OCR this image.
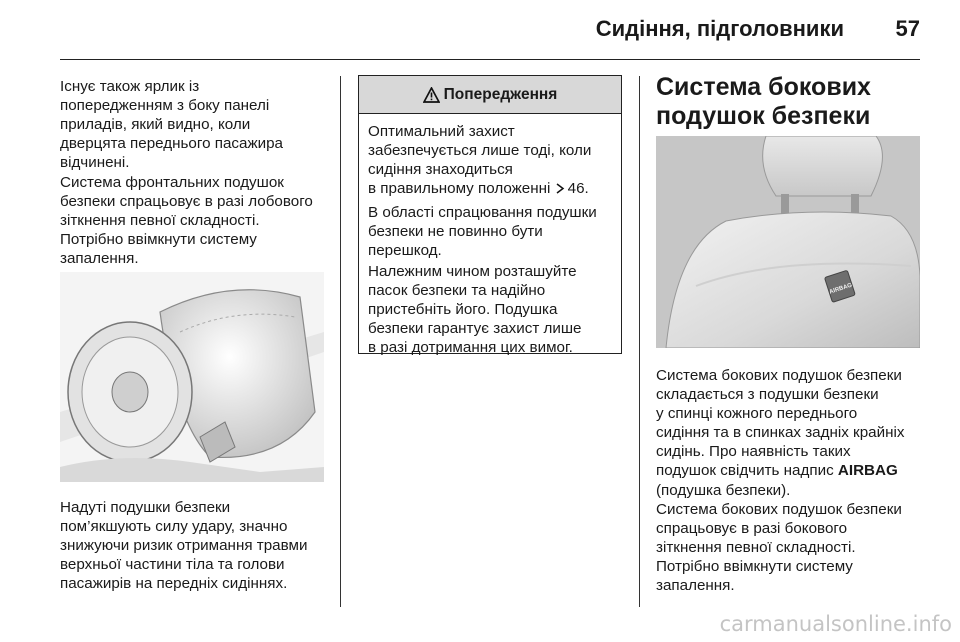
Сидіння, підголовники 57

Існує також ярлик із
попередженням з боку панелі
приладів, який видно, коли
дверцята переднього пасажира
відчинені.

Система фронтальних подушок
безпеки спрацьовує в разі лобового
зіткнення певної складності.
Потрібно ввімкнути систему
запалення.

Надуті подушки безпеки
пом’якшують силу удару, значно
знижуючи ризик отримання травми
верхньої частини тіла та голови
пасажирів на передніх сидіннях.

Попередження

Оптимальний захист
забезпечується лише тоді, коли
сидіння знаходиться
в правильному положенні 46.

В області спрацювання подушки
безпеки не повинно бути
перешкод.

Належним чином розташуйте
пасок безпеки та надійно
пристебніть його. Подушка
безпеки гарантує захист лише
в разі дотримання цих вимог.

Система бокових
подушок безпеки
AIRBAG

Система бокових подушок безпеки
складається з подушки безпеки
у спинці кожного переднього
сидіння та в спинках задніх крайніх
сидінь. Про наявність таких
подушок свідчить надпис AIRBAG
(подушка безпеки).

Система бокових подушок безпеки
спрацьовує в разі бокового
зіткнення певної складності.
Потрібно ввімкнути систему
запалення.

carmanualsonline.info
